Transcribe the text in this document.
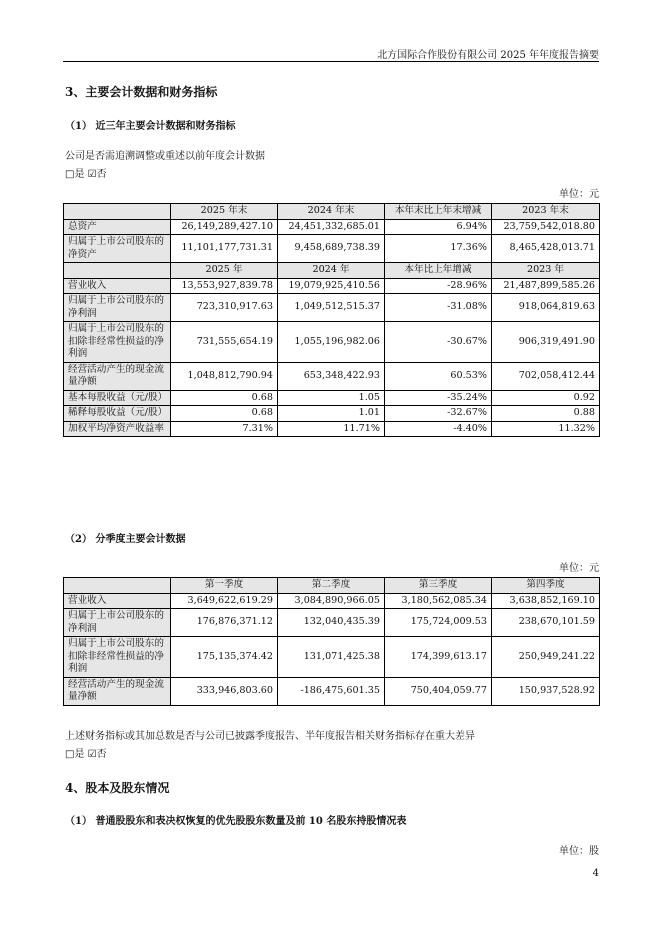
北方国际合作股份有限公司 2025 年年度报告摘要
3、主要会计数据和财务指标
（1） 近三年主要会计数据和财务指标
公司是否需追溯调整或重述以前年度会计数据
□是 ☑否
单位：元
	2025 年末	2024 年末	本年末比上年末增减	2023 年末
总资产	26,149,289,427.10	24,451,332,685.01	6.94%	23,759,542,018.80
归属于上市公司股东的净资产	11,101,177,731.31	9,458,689,738.39	17.36%	8,465,428,013.71
	2025 年	2024 年	本年比上年增减	2023 年
营业收入	13,553,927,839.78	19,079,925,410.56	-28.96%	21,487,899,585.26
归属于上市公司股东的净利润	723,310,917.63	1,049,512,515.37	-31.08%	918,064,819.63
归属于上市公司股东的扣除非经常性损益的净利润	731,555,654.19	1,055,196,982.06	-30.67%	906,319,491.90
经营活动产生的现金流量净额	1,048,812,790.94	653,348,422.93	60.53%	702,058,412.44
基本每股收益（元/股）	0.68	1.05	-35.24%	0.92
稀释每股收益（元/股）	0.68	1.01	-32.67%	0.88
加权平均净资产收益率	7.31%	11.71%	-4.40%	11.32%
（2） 分季度主要会计数据
单位：元
	第一季度	第二季度	第三季度	第四季度
营业收入	3,649,622,619.29	3,084,890,966.05	3,180,562,085.34	3,638,852,169.10
归属于上市公司股东的净利润	176,876,371.12	132,040,435.39	175,724,009.53	238,670,101.59
归属于上市公司股东的扣除非经常性损益的净利润	175,135,374.42	131,071,425.38	174,399,613.17	250,949,241.22
经营活动产生的现金流量净额	333,946,803.60	-186,475,601.35	750,404,059.77	150,937,528.92
上述财务指标或其加总数是否与公司已披露季度报告、半年度报告相关财务指标存在重大差异
□是 ☑否
4、股本及股东情况
（1） 普通股股东和表决权恢复的优先股股东数量及前 10 名股东持股情况表
单位：股
4
